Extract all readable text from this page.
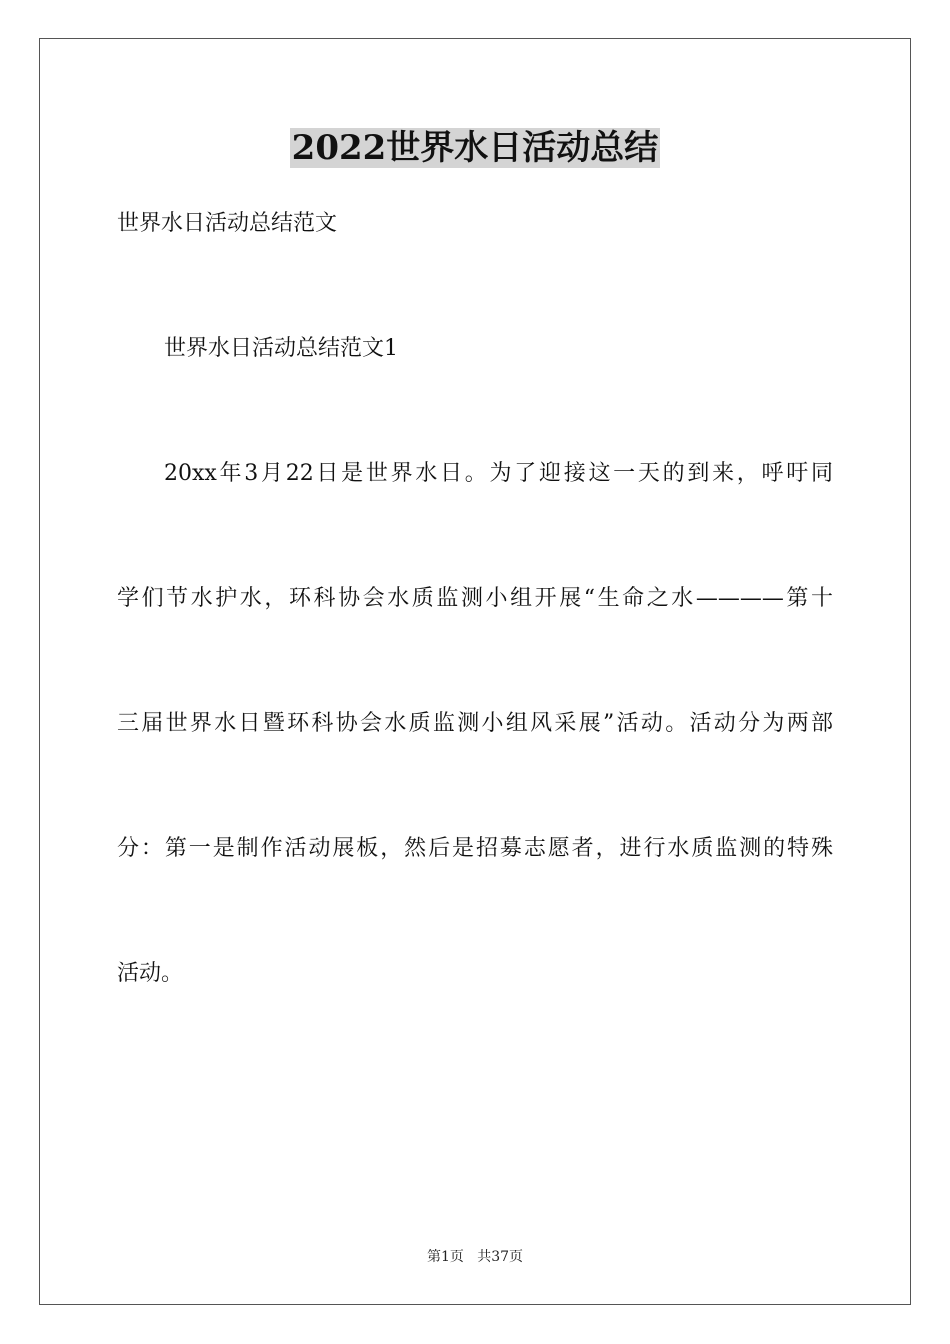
2022世界水日活动总结
世界水日活动总结范文
世界水日活动总结范文1
20xx年3月22日是世界水日。为了迎接这一天的到来，呼吁同
学们节水护水，环科协会水质监测小组开展“生命之水————第十
三届世界水日暨环科协会水质监测小组风采展”活动。活动分为两部
分：第一是制作活动展板，然后是招募志愿者，进行水质监测的特殊
活动。
第1页   共37页
